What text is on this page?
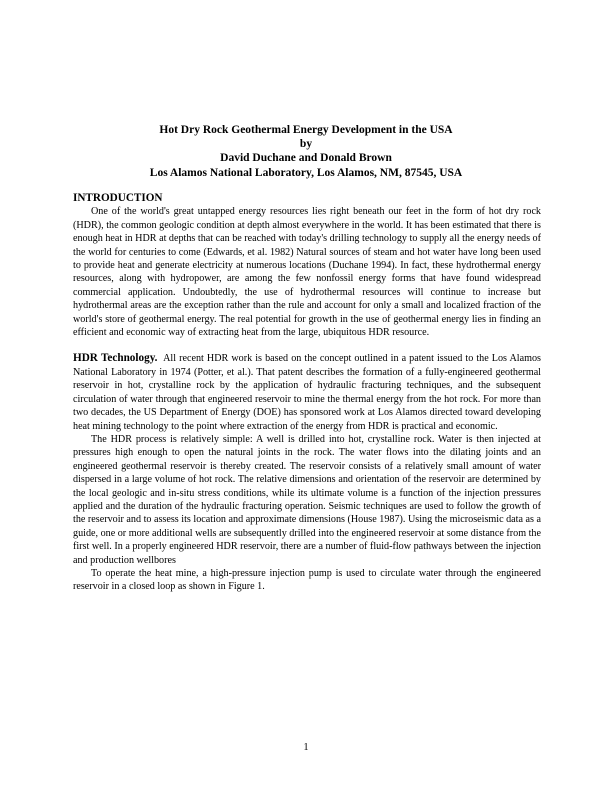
Hot Dry Rock Geothermal Energy Development in the USA
by
David Duchane and Donald Brown
Los Alamos National Laboratory, Los Alamos, NM, 87545, USA

INTRODUCTION

One of the world's great untapped energy resources lies right beneath our feet in the form of hot dry rock (HDR), the common geologic condition at depth almost everywhere in the world. It has been estimated that there is enough heat in HDR at depths that can be reached with today's drilling technology to supply all the energy needs of the world for centuries to come (Edwards, et al. 1982) Natural sources of steam and hot water have long been used to provide heat and generate electricity at numerous locations (Duchane 1994). In fact, these hydrothermal energy resources, along with hydropower, are among the few nonfossil energy forms that have found widespread commercial application. Undoubtedly, the use of hydrothermal resources will continue to increase but hydrothermal areas are the exception rather than the rule and account for only a small and localized fraction of the world's store of geothermal energy. The real potential for growth in the use of geothermal energy lies in finding an efficient and economic way of extracting heat from the large, ubiquitous HDR resource.

HDR Technology. All recent HDR work is based on the concept outlined in a patent issued to the Los Alamos National Laboratory in 1974 (Potter, et al.). That patent describes the formation of a fully-engineered geothermal reservoir in hot, crystalline rock by the application of hydraulic fracturing techniques, and the subsequent circulation of water through that engineered reservoir to mine the thermal energy from the hot rock. For more than two decades, the US Department of Energy (DOE) has sponsored work at Los Alamos directed toward developing heat mining technology to the point where extraction of the energy from HDR is practical and economic.

The HDR process is relatively simple: A well is drilled into hot, crystalline rock. Water is then injected at pressures high enough to open the natural joints in the rock. The water flows into the dilating joints and an engineered geothermal reservoir is thereby created. The reservoir consists of a relatively small amount of water dispersed in a large volume of hot rock. The relative dimensions and orientation of the reservoir are determined by the local geologic and in-situ stress conditions, while its ultimate volume is a function of the injection pressures applied and the duration of the hydraulic fracturing operation. Seismic techniques are used to follow the growth of the reservoir and to assess its location and approximate dimensions (House 1987). Using the microseismic data as a guide, one or more additional wells are subsequently drilled into the engineered reservoir at some distance from the first well. In a properly engineered HDR reservoir, there are a number of fluid-flow pathways between the injection and production wellbores

To operate the heat mine, a high-pressure injection pump is used to circulate water through the engineered reservoir in a closed loop as shown in Figure 1.

1
